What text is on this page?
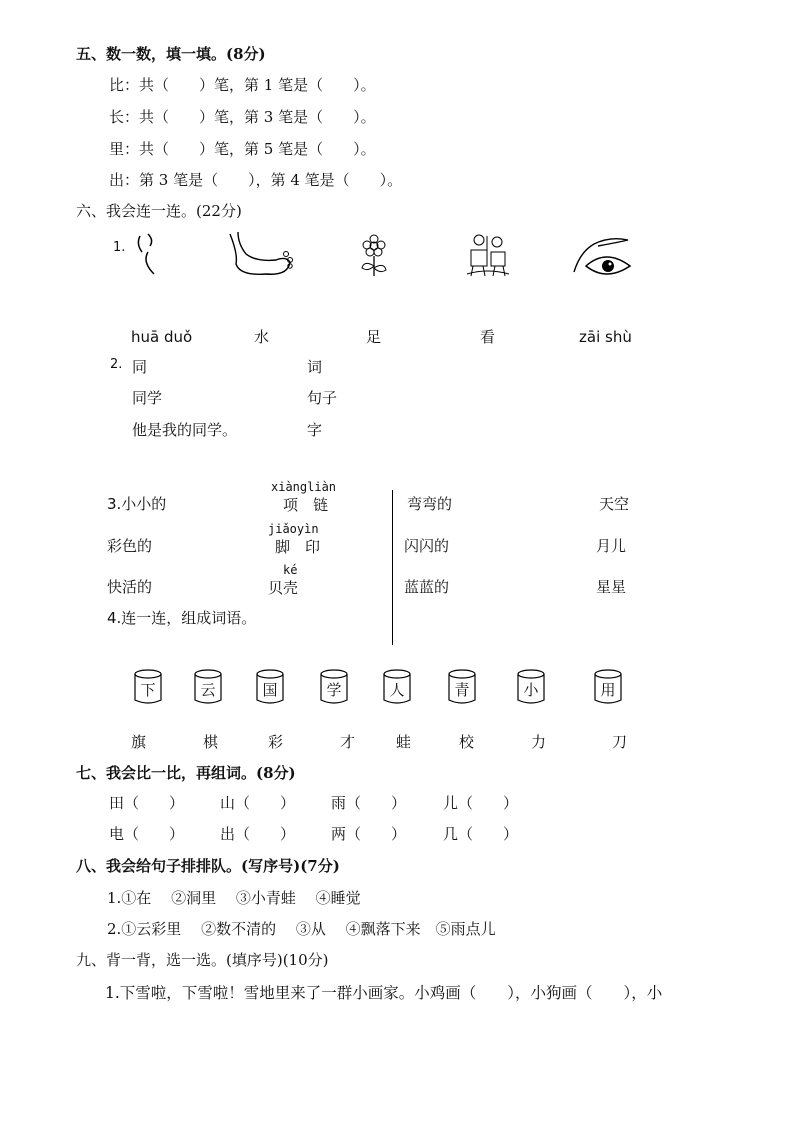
五、数一数，填一填。(8分)
比：共（　　）笔，第 1 笔是（　　）。
长：共（　　）笔，第 3 笔是（　　）。
里：共（　　）笔，第 5 笔是（　　）。
出：第 3 笔是（　　），第 4 笔是（　　）。
六、我会连一连。(22分)
1.
huā duǒ	水	足	看	zāi shù
2. 同
同学
他是我的同学。
词
句子
字
3.小小的
彩色的
快活的
xiàngliàn
项　链
jiǎoyìn
脚　印
ké
贝壳
弯弯的
闪闪的
蓝蓝的
天空
月儿
星星
4.连一连，组成词语。
下	云	国	学	人	青	小	用
旗	棋	彩	才	蛙	校	力	刀
七、我会比一比，再组词。(8分)
田（　　） 山（　　） 雨（　　） 儿（　　）
电（　　） 出（　　） 两（　　） 几（　　）
八、我会给句子排排队。(写序号)(7分)
1.①在　 ②洞里　 ③小青蛙　 ④睡觉
2.①云彩里　 ②数不清的　 ③从　 ④飘落下来　⑤雨点儿
九、背一背，选一选。(填序号)(10分)
1.下雪啦，下雪啦！雪地里来了一群小画家。小鸡画（　　），小狗画（　　），小
